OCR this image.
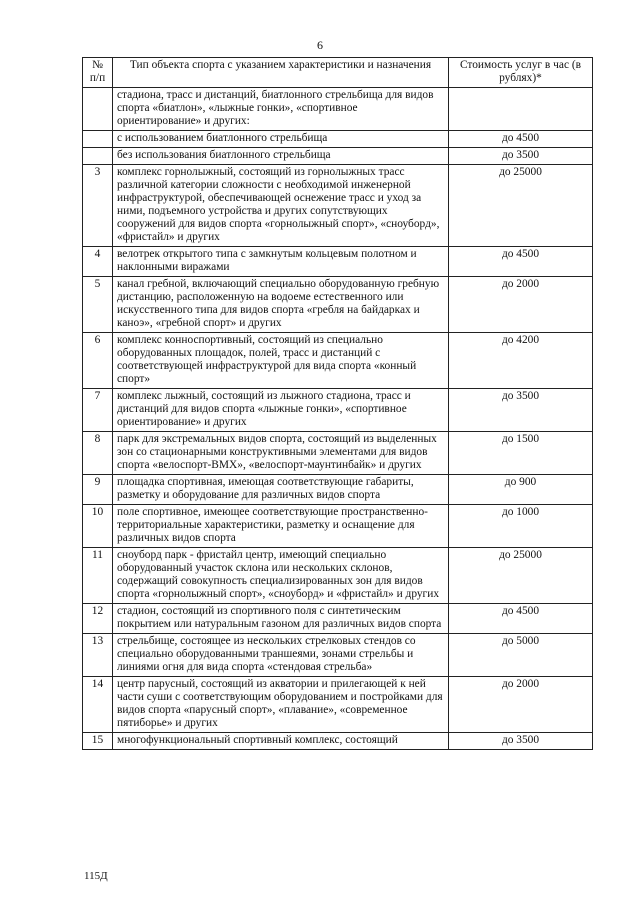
6
№
п/п	Тип объекта спорта с указанием характеристики и назначения	Стоимость услуг в час (в рублях)*
	стадиона, трасс и дистанций, биатлонного стрельбища для видов спорта «биатлон», «лыжные гонки», «спортивное ориентирование» и других:	
	с использованием биатлонного стрельбища	до 4500
	без использования биатлонного стрельбища	до 3500
3	комплекс горнолыжный, состоящий из горнолыжных трасс различной категории сложности с необходимой инженерной инфраструктурой, обеспечивающей оснежение трасс и уход за ними, подъемного устройства и других сопутствующих сооружений для видов спорта «горнолыжный спорт», «сноуборд», «фристайл» и других	до 25000
4	велотрек открытого типа с замкнутым кольцевым полотном и наклонными виражами	до 4500
5	канал гребной, включающий специально оборудованную гребную дистанцию, расположенную на водоеме естественного или искусственного типа для видов спорта «гребля на байдарках и каноэ», «гребной спорт» и других	до 2000
6	комплекс конноспортивный, состоящий из специально оборудованных площадок, полей, трасс и дистанций с соответствующей инфраструктурой для вида спорта «конный спорт»	до 4200
7	комплекс лыжный, состоящий из лыжного стадиона, трасс и дистанций для видов спорта «лыжные гонки», «спортивное ориентирование» и других	до 3500
8	парк для экстремальных видов спорта, состоящий из выделенных зон со стационарными конструктивными элементами для видов спорта «велоспорт-BMX», «велоспорт-маунтинбайк» и других	до 1500
9	площадка спортивная, имеющая соответствующие габариты, разметку и оборудование для различных видов спорта	до 900
10	поле спортивное, имеющее соответствующие пространственно-территориальные характеристики, разметку и оснащение для различных видов спорта	до 1000
11	сноуборд парк - фристайл центр, имеющий специально оборудованный участок склона или нескольких склонов, содержащий совокупность специализированных зон для видов спорта «горнолыжный спорт», «сноуборд» и «фристайл» и других	до 25000
12	стадион, состоящий из спортивного поля с синтетическим покрытием или натуральным газоном для различных видов спорта	до 4500
13	стрельбище, состоящее из нескольких стрелковых стендов со специально оборудованными траншеями, зонами стрельбы и линиями огня для вида спорта «стендовая стрельба»	до 5000
14	центр парусный, состоящий из акватории и прилегающей к ней части суши с соответствующим оборудованием и постройками для видов спорта «парусный спорт», «плавание», «современное пятиборье» и других	до 2000
15	многофункциональный спортивный комплекс, состоящий	до 3500
115Д
